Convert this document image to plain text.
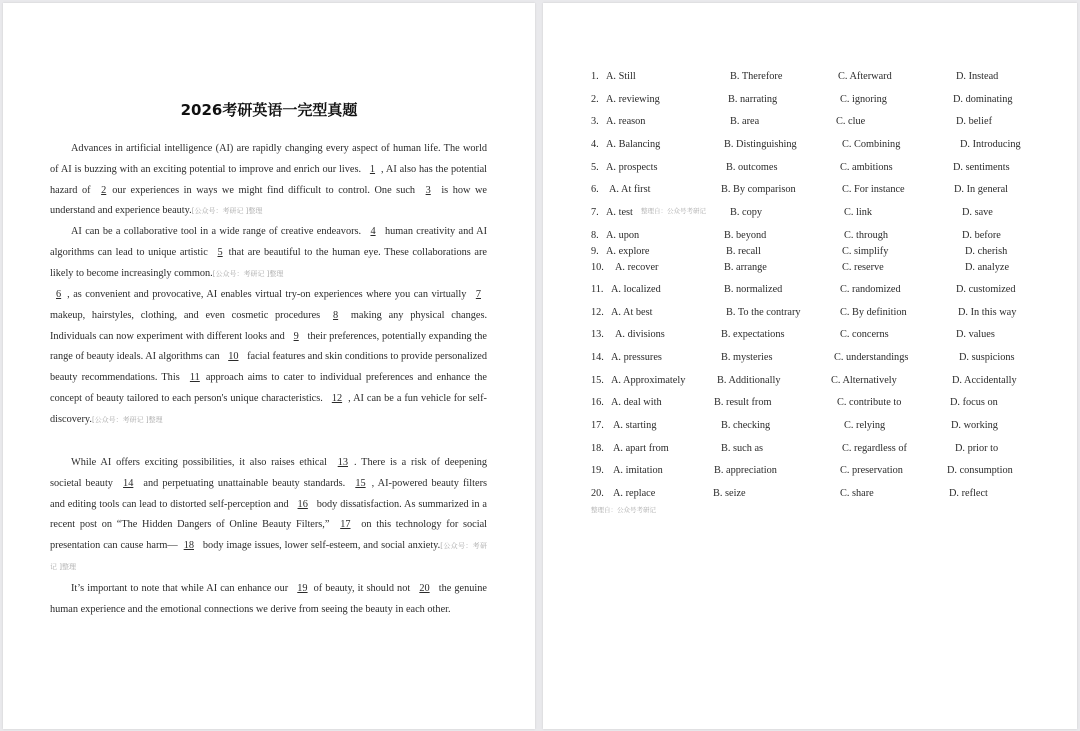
2026考研英语一完型真题

Advances in artificial intelligence (AI) are rapidly changing every aspect of human life. The world of AI is buzzing with an exciting potential to improve and enrich our lives. 1 , AI also has the potential hazard of 2 our experiences in ways we might find difficult to control. One such 3 is how we understand and experience beauty.[公众号：考研记 ]整理

AI can be a collaborative tool in a wide range of creative endeavors. 4 human creativity and AI algorithms can lead to unique artistic 5 that are beautiful to the human eye. These collaborations are likely to become increasingly common.[公众号：考研记 ]整理

6 , as convenient and provocative, AI enables virtual try-on experiences where you can virtually 7 makeup, hairstyles, clothing, and even cosmetic procedures 8 making any physical changes. Individuals can now experiment with different looks and 9 their preferences, potentially expanding the range of beauty ideals. AI algorithms can 10 facial features and skin conditions to provide personalized beauty recommendations. This 11 approach aims to cater to individual preferences and enhance the concept of beauty tailored to each person's unique characteristics. 12 , AI can be a fun vehicle for self-discovery.[公众号：考研记 ]整理

While AI offers exciting possibilities, it also raises ethical 13 . There is a risk of deepening societal beauty 14 and perpetuating unattainable beauty standards. 15 , AI-powered beauty filters and editing tools can lead to distorted self-perception and 16 body dissatisfaction. As summarized in a recent post on “The Hidden Dangers of Online Beauty Filters,” 17 on this technology for social presentation can cause harm— 18 body image issues, lower self-esteem, and social anxiety.[公众号：考研记 ]整理

It’s important to note that while AI can enhance our 19 of beauty, it should not 20 the genuine human experience and the emotional connections we derive from seeing the beauty in each other.

1. A. Still	B. Therefore	C. Afterward	D. Instead
2. A. reviewing	B. narrating	C. ignoring	D. dominating
3. A. reason	B. area	C. clue	D. belief
4. A. Balancing	B. Distinguishing	C. Combining	D. Introducing
5. A. prospects	B. outcomes	C. ambitions	D. sentiments
6. A. At first	B. By comparison	C. For instance	D. In general
7. A. test	B. copy	C. link	D. save
8. A. upon	B. beyond	C. through	D. before
9. A. explore	B. recall	C. simplify	D. cherish
10. A. recover	B. arrange	C. reserve	D. analyze
11. A. localized	B. normalized	C. randomized	D. customized
12. A. At best	B. To the contrary	C. By definition	D. In this way
13. A. divisions	B. expectations	C. concerns	D. values
14. A. pressures	B. mysteries	C. understandings	D. suspicions
15. A. Approximately	B. Additionally	C. Alternatively	D. Accidentally
16. A. deal with	B. result from	C. contribute to	D. focus on
17. A. starting	B. checking	C. relying	D. working
18. A. apart from	B. such as	C. regardless of	D. prior to
19. A. imitation	B. appreciation	C. preservation	D. consumption
20. A. replace	B. seize	C. share	D. reflect
整理自：公众号考研记
整理自：公众号考研记
